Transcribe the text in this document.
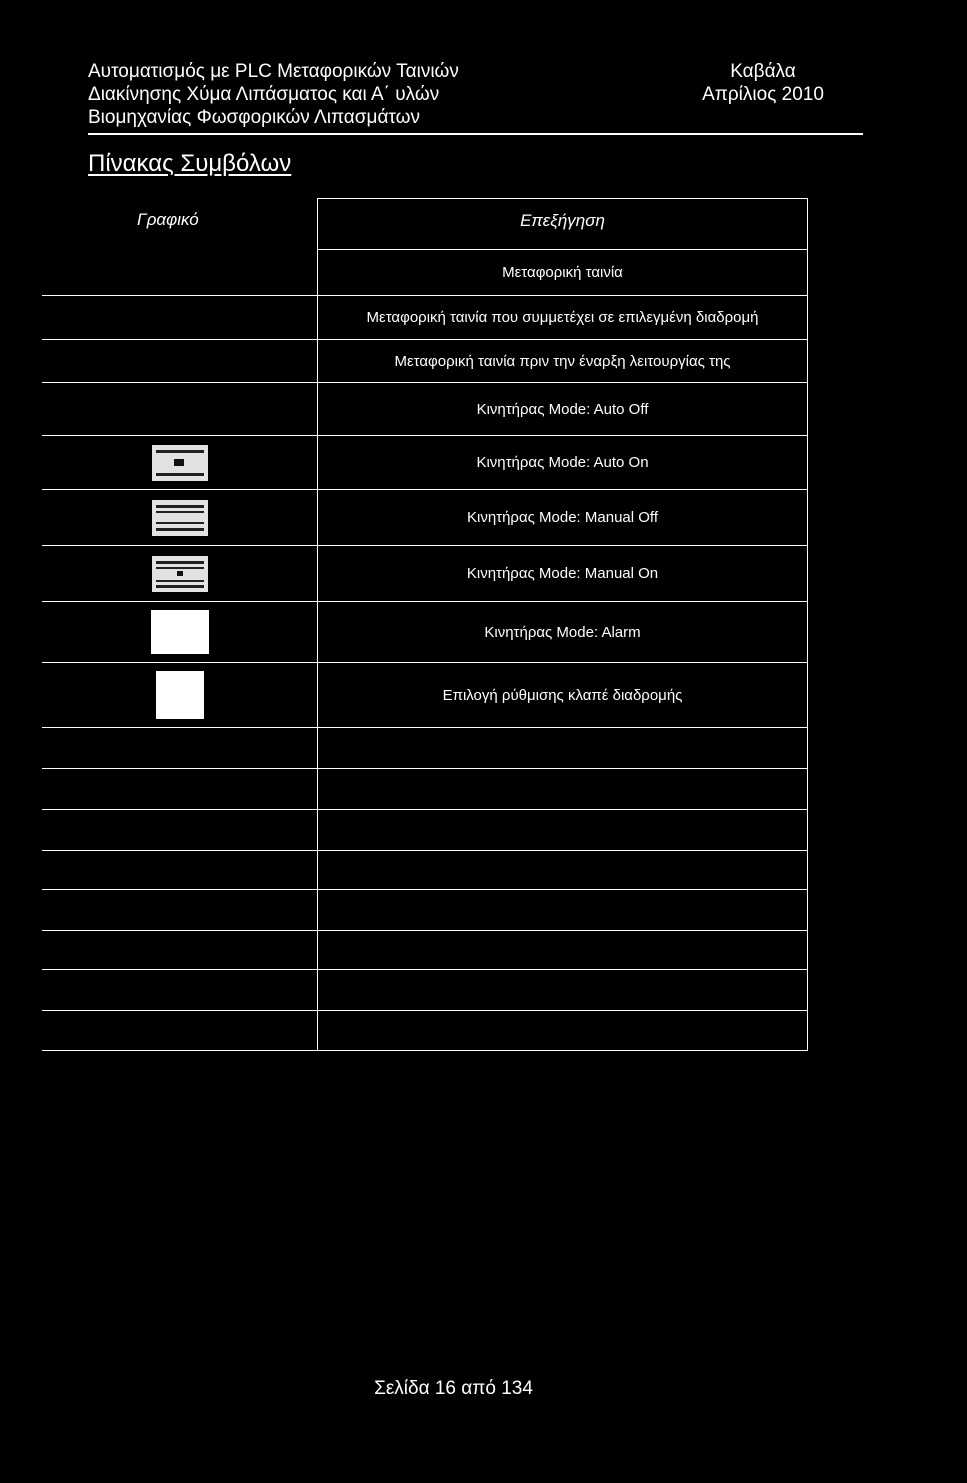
Αυτοματισμός με PLC Μεταφορικών Ταινιών
Διακίνησης Χύμα Λιπάσματος και Α΄ υλών
Βιομηχανίας Φωσφορικών Λιπασμάτων
Καβάλα
Απρίλιος 2010
Πίνακας Συμβόλων
Γραφικό	Επεξήγηση
Μεταφορική ταινία
Μεταφορική ταινία που συμμετέχει σε επιλεγμένη διαδρομή
Μεταφορική ταινία πριν την έναρξη λειτουργίας της
Κινητήρας Mode: Auto Off
Κινητήρας Mode: Auto On
Κινητήρας Mode: Manual Off
Κινητήρας Mode: Manual On
Κινητήρας Mode: Alarm
Επιλογή ρύθμισης κλαπέ διαδρομής
Σελίδα 16 από 134
